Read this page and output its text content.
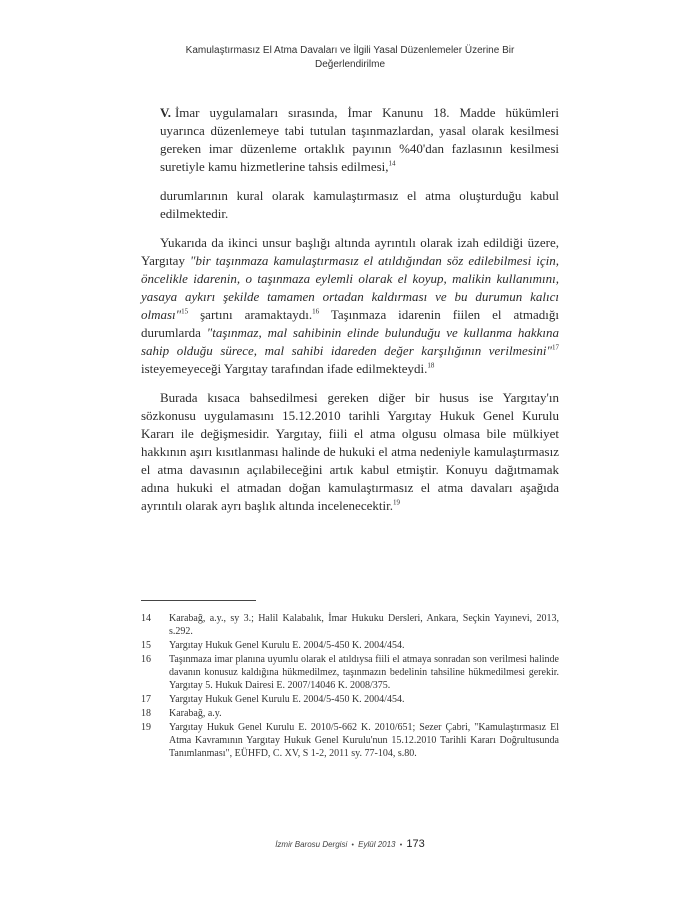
Kamulaştırmasız El Atma Davaları ve İlgili Yasal Düzenlemeler Üzerine Bir
Değerlendirilme

V. İmar uygulamaları sırasında, İmar Kanunu 18. Madde hükümleri uyarınca düzenlemeye tabi tutulan taşınmazlardan, yasal olarak kesilmesi gereken imar düzenleme ortaklık payının %40'dan fazlasının kesilmesi suretiyle kamu hizmetlerine tahsis edilmesi,$^{14}$

durumlarının kural olarak kamulaştırmasız el atma oluşturduğu kabul edilmektedir.

Yukarıda da ikinci unsur başlığı altında ayrıntılı olarak izah edildiği üzere, Yargıtay "bir taşınmaza kamulaştırmasız el atıldığından söz edilebilmesi için, öncelikle idarenin, o taşınmaza eylemli olarak el koyup, malikin kullanımını, yasaya aykırı şekilde tamamen ortadan kaldırması ve bu durumun kalıcı olması"$^{15}$ şartını aramaktaydı.$^{16}$ Taşınmaza idarenin fiilen el atmadığı durumlarda "taşınmaz, mal sahibinin elinde bulunduğu ve kullanma hakkına sahip olduğu sürece, mal sahibi idareden değer karşılığının verilmesini"$^{17}$ isteyemeyeceği Yargıtay tarafından ifade edilmekteydi.$^{18}$

Burada kısaca bahsedilmesi gereken diğer bir husus ise Yargıtay'ın sözkonusu uygulamasını 15.12.2010 tarihli Yargıtay Hukuk Genel Kurulu Kararı ile değişmesidir. Yargıtay, fiili el atma olgusu olmasa bile mülkiyet hakkının aşırı kısıtlanması halinde de hukuki el atma nedeniyle kamulaştırmasız el atma davasının açılabileceğini artık kabul etmiştir. Konuyu dağıtmamak adına hukuki el atmadan doğan kamulaştırmasız el atma davaları aşağıda ayrıntılı olarak ayrı başlık altında incelenecektir.$^{19}$

14	Karabağ, a.y., sy 3.; Halil Kalabalık, İmar Hukuku Dersleri, Ankara, Seçkin Yayınevi, 2013, s.292.
15	Yargıtay Hukuk Genel Kurulu E. 2004/5-450 K. 2004/454.
16	Taşınmaza imar planına uyumlu olarak el atıldıysa fiili el atmaya sonradan son verilmesi halinde davanın konusuz kaldığına hükmedilmez, taşınmazın bedelinin tahsiline hükmedilmesi gerekir. Yargıtay 5. Hukuk Dairesi E. 2007/14046 K. 2008/375.
17	Yargıtay Hukuk Genel Kurulu E. 2004/5-450 K. 2004/454.
18	Karabağ, a.y.
19	Yargıtay Hukuk Genel Kurulu E. 2010/5-662 K. 2010/651; Sezer Çabri, "Kamulaştırmasız El Atma Kavramının Yargıtay Hukuk Genel Kurulu'nun 15.12.2010 Tarihli Kararı Doğrultusunda Tanımlanması", EÜHFD, C. XV, S 1-2, 2011 sy. 77-104, s.80.
İzmir Barosu Dergisi • Eylül 2013 • 173
